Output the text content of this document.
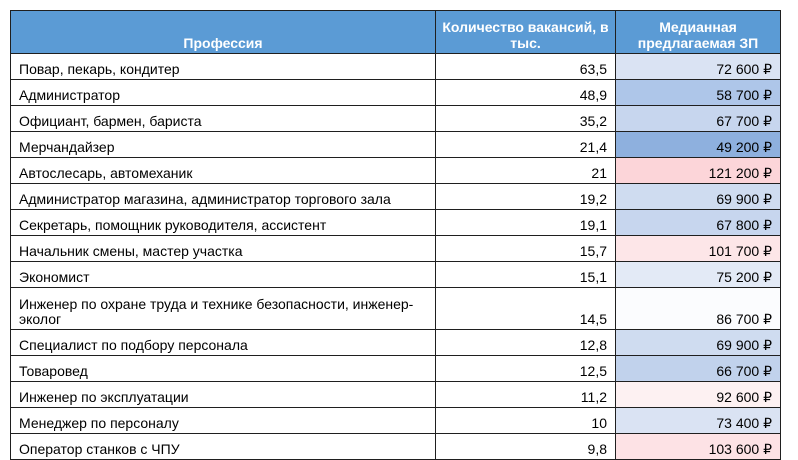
Профессия	Количество вакансий, в тыс.	Медианная предлагаемая ЗП
Повар, пекарь, кондитер	63,5	72 600 ₽
Администратор	48,9	58 700 ₽
Официант, бармен, бариста	35,2	67 700 ₽
Мерчандайзер	21,4	49 200 ₽
Автослесарь, автомеханик	21	121 200 ₽
Администратор магазина, администратор торгового зала	19,2	69 900 ₽
Секретарь, помощник руководителя, ассистент	19,1	67 800 ₽
Начальник смены, мастер участка	15,7	101 700 ₽
Экономист	15,1	75 200 ₽
Инженер по охране труда и технике безопасности, инженер-эколог	14,5	86 700 ₽
Специалист по подбору персонала	12,8	69 900 ₽
Товаровед	12,5	66 700 ₽
Инженер по эксплуатации	11,2	92 600 ₽
Менеджер по персоналу	10	73 400 ₽
Оператор станков с ЧПУ	9,8	103 600 ₽
